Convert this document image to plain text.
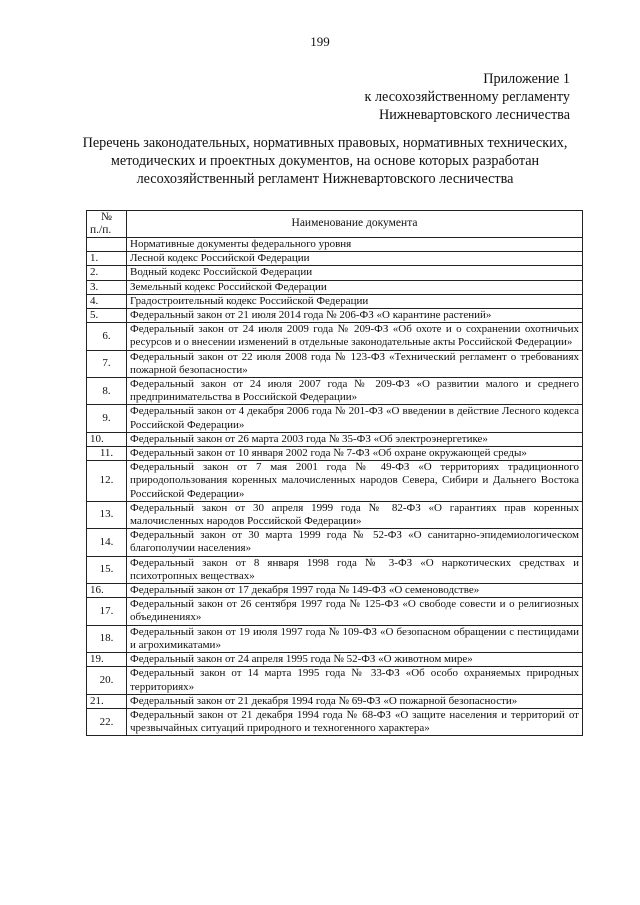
199
Приложение 1
к лесохозяйственному регламенту
Нижневартовского лесничества
Перечень законодательных, нормативных правовых, нормативных технических, методических и проектных документов, на основе которых разработан лесохозяйственный регламент Нижневартовского лесничества
№
п./п.	Наименование документа
	Нормативные документы федерального уровня
1.	Лесной кодекс Российской Федерации
2.	Водный кодекс Российской Федерации
3.	Земельный кодекс Российской Федерации
4.	Градостроительный кодекс Российской Федерации
5.	Федеральный закон от 21 июля 2014 года № 206-ФЗ «О карантине растений»
6.	Федеральный закон от 24 июля 2009 года № 209-ФЗ «Об охоте и о сохранении охотничьих ресурсов и о внесении изменений в отдельные законодательные акты Российской Федерации»
7.	Федеральный закон от 22 июля 2008 года № 123-ФЗ «Технический регламент о требованиях пожарной безопасности»
8.	Федеральный закон от 24 июля 2007 года № 209-ФЗ «О развитии малого и среднего предпринимательства в Российской Федерации»
9.	Федеральный закон от 4 декабря 2006 года № 201-ФЗ «О введении в действие Лесного кодекса Российской Федерации»
10.	Федеральный закон от 26 марта 2003 года № 35-ФЗ «Об электроэнергетике»
11.	Федеральный закон от 10 января 2002 года № 7-ФЗ «Об охране окружающей среды»
12.	Федеральный закон от 7 мая 2001 года № 49-ФЗ «О территориях традиционного природопользования коренных малочисленных народов Севера, Сибири и Дальнего Востока Российской Федерации»
13.	Федеральный закон от 30 апреля 1999 года № 82-ФЗ «О гарантиях прав коренных малочисленных народов Российской Федерации»
14.	Федеральный закон от 30 марта 1999 года № 52-ФЗ «О санитарно-эпидемиологическом благополучии населения»
15.	Федеральный закон от 8 января 1998 года № 3-ФЗ «О наркотических средствах и психотропных веществах»
16.	Федеральный закон от 17 декабря 1997 года № 149-ФЗ «О семеноводстве»
17.	Федеральный закон от 26 сентября 1997 года № 125-ФЗ «О свободе совести и о религиозных объединениях»
18.	Федеральный закон от 19 июля 1997 года № 109-ФЗ «О безопасном обращении с пестицидами и агрохимикатами»
19.	Федеральный закон от 24 апреля 1995 года № 52-ФЗ «О животном мире»
20.	Федеральный закон от 14 марта 1995 года № 33-ФЗ «Об особо охраняемых природных территориях»
21.	Федеральный закон от 21 декабря 1994 года № 69-ФЗ «О пожарной безопасности»
22.	Федеральный закон от 21 декабря 1994 года № 68-ФЗ «О защите населения и территорий от чрезвычайных ситуаций природного и техногенного характера»
